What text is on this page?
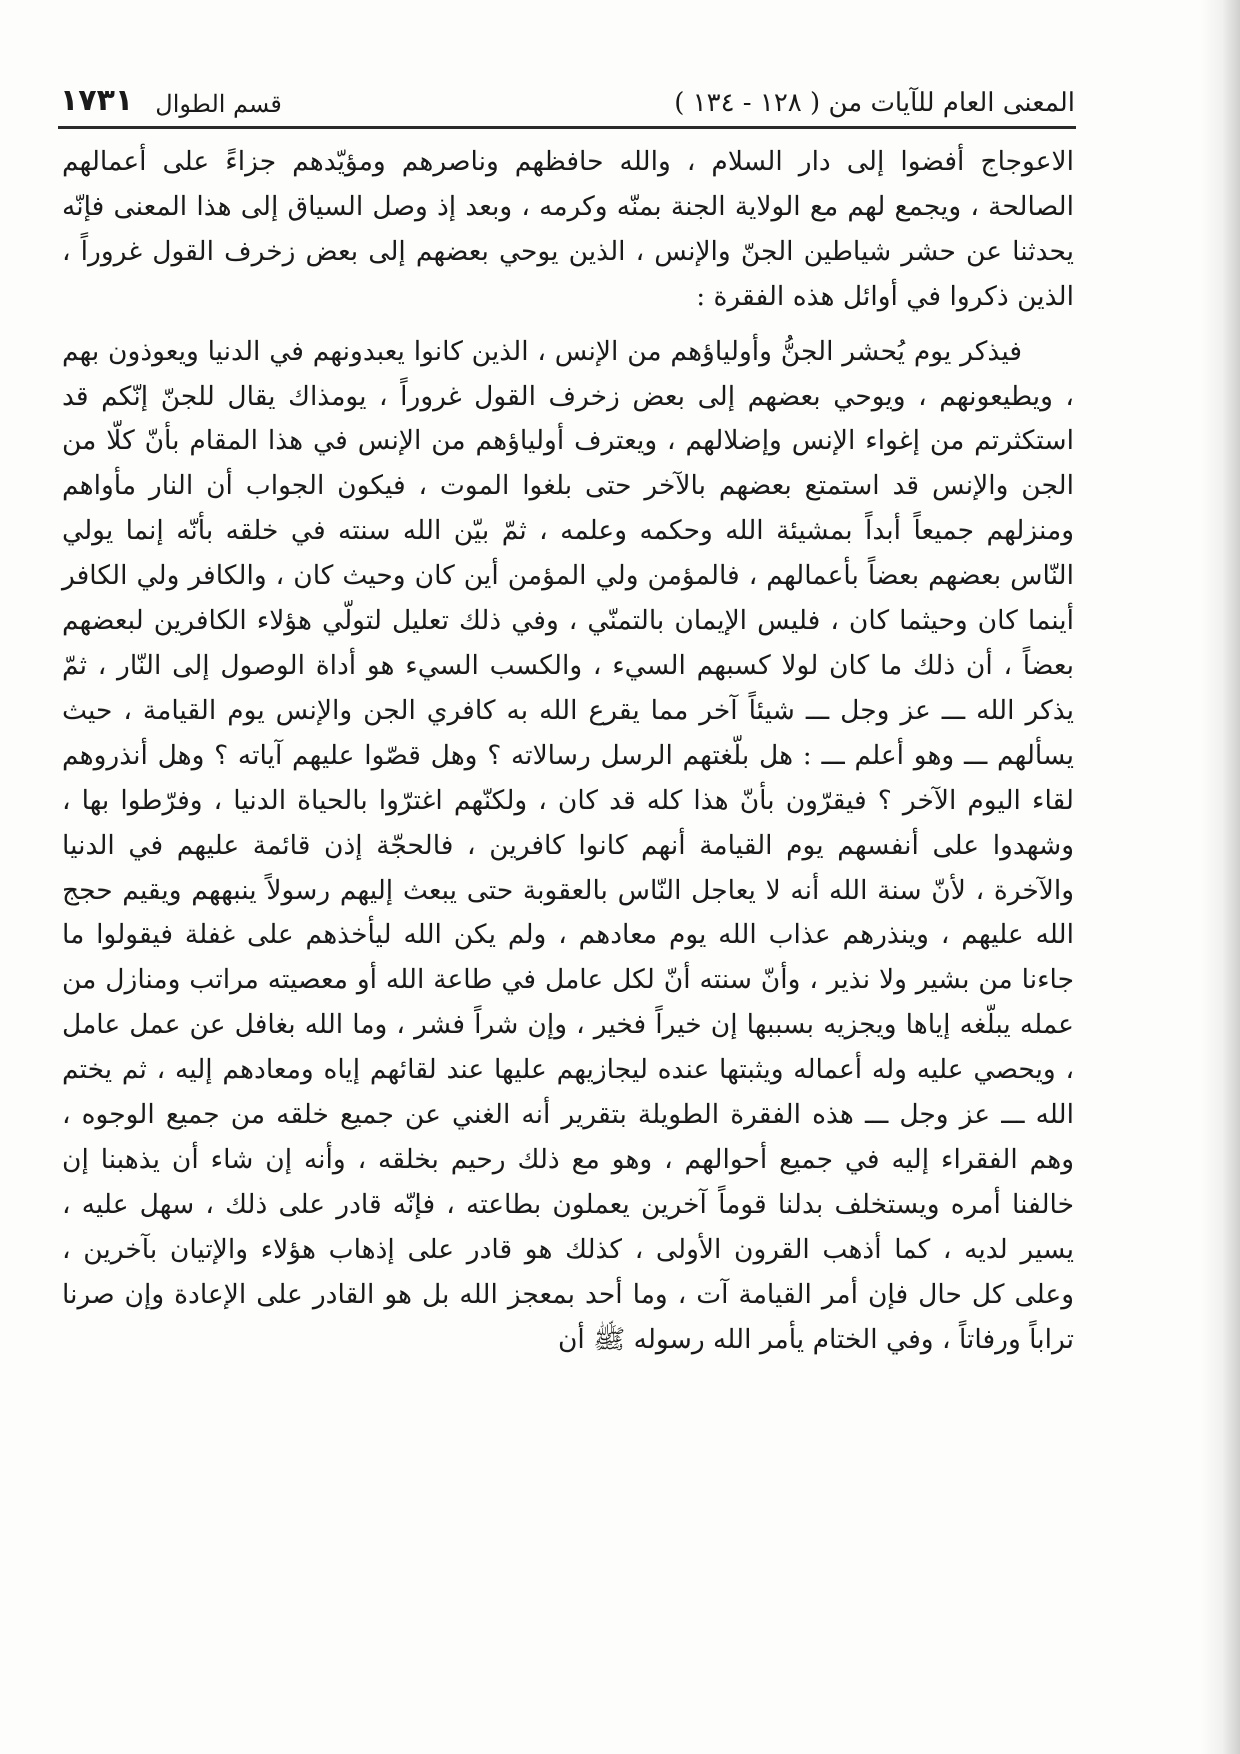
المعنى العام للآيات من ( ١٢٨ - ١٣٤ )
قسم الطوال
١٧٣١

الاعوجاج أفضوا إلى دار السلام ، والله حافظهم وناصرهم ومؤيّدهم جزاءً على أعمالهم الصالحة ، ويجمع لهم مع الولاية الجنة بمنّه وكرمه ، وبعد إذ وصل السياق إلى هذا المعنى فإنّه يحدثنا عن حشر شياطين الجنّ والإنس ، الذين يوحي بعضهم إلى بعض زخرف القول غروراً ، الذين ذكروا في أوائل هذه الفقرة :

فيذكر يوم يُحشر الجنُّ وأولياؤهم من الإنس ، الذين كانوا يعبدونهم في الدنيا ويعوذون بهم ، ويطيعونهم ، ويوحي بعضهم إلى بعض زخرف القول غروراً ، يومذاك يقال للجنّ إنّكم قد استكثرتم من إغواء الإنس وإضلالهم ، ويعترف أولياؤهم من الإنس في هذا المقام بأنّ كلّا من الجن والإنس قد استمتع بعضهم بالآخر حتى بلغوا الموت ، فيكون الجواب أن النار مأواهم ومنزلهم جميعاً أبداً بمشيئة الله وحكمه وعلمه ، ثمّ بيّن الله سنته في خلقه بأنّه إنما يولي النّاس بعضهم بعضاً بأعمالهم ، فالمؤمن ولي المؤمن أين كان وحيث كان ، والكافر ولي الكافر أينما كان وحيثما كان ، فليس الإيمان بالتمنّي ، وفي ذلك تعليل لتولّي هؤلاء الكافرين لبعضهم بعضاً ، أن ذلك ما كان لولا كسبهم السيء ، والكسب السيء هو أداة الوصول إلى النّار ، ثمّ يذكر الله ـــ عز وجل ـــ شيئاً آخر مما يقرع الله به كافري الجن والإنس يوم القيامة ، حيث يسألهم ـــ وهو أعلم ـــ : هل بلّغتهم الرسل رسالاته ؟ وهل قصّوا عليهم آياته ؟ وهل أنذروهم لقاء اليوم الآخر ؟ فيقرّون بأنّ هذا كله قد كان ، ولكنّهم اغترّوا بالحياة الدنيا ، وفرّطوا بها ، وشهدوا على أنفسهم يوم القيامة أنهم كانوا كافرين ، فالحجّة إذن قائمة عليهم في الدنيا والآخرة ، لأنّ سنة الله أنه لا يعاجل النّاس بالعقوبة حتى يبعث إليهم رسولاً ينبههم ويقيم حجج الله عليهم ، وينذرهم عذاب الله يوم معادهم ، ولم يكن الله ليأخذهم على غفلة فيقولوا ما جاءنا من بشير ولا نذير ، وأنّ سنته أنّ لكل عامل في طاعة الله أو معصيته مراتب ومنازل من عمله يبلّغه إياها ويجزيه بسببها إن خيراً فخير ، وإن شراً فشر ، وما الله بغافل عن عمل عامل ، ويحصي عليه وله أعماله ويثبتها عنده ليجازيهم عليها عند لقائهم إياه ومعادهم إليه ، ثم يختم الله ـــ عز وجل ـــ هذه الفقرة الطويلة بتقرير أنه الغني عن جميع خلقه من جميع الوجوه ، وهم الفقراء إليه في جميع أحوالهم ، وهو مع ذلك رحيم بخلقه ، وأنه إن شاء أن يذهبنا إن خالفنا أمره ويستخلف بدلنا قوماً آخرين يعملون بطاعته ، فإنّه قادر على ذلك ، سهل عليه ، يسير لديه ، كما أذهب القرون الأولى ، كذلك هو قادر على إذهاب هؤلاء والإتيان بآخرين ، وعلى كل حال فإن أمر القيامة آت ، وما أحد بمعجز الله بل هو القادر على الإعادة وإن صرنا تراباً ورفاتاً ، وفي الختام يأمر الله رسوله ﷺ أن
